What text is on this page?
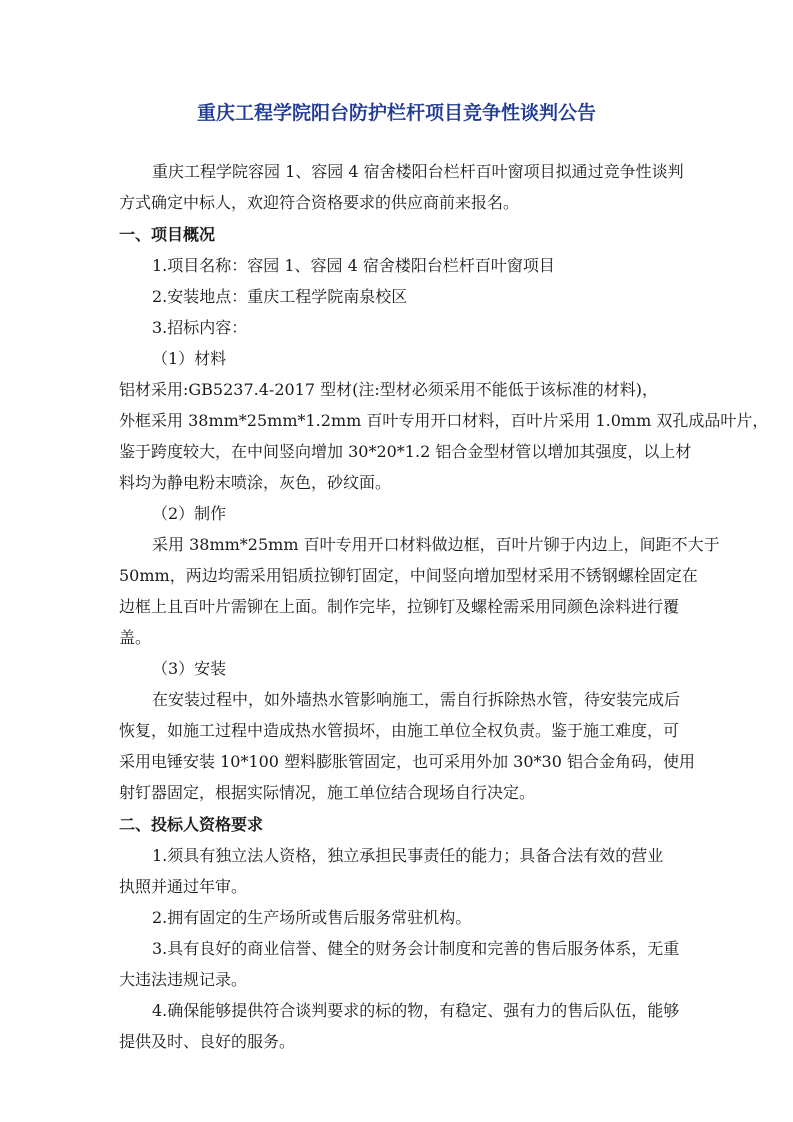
重庆工程学院阳台防护栏杆项目竞争性谈判公告
重庆工程学院容园 1、容园 4 宿舍楼阳台栏杆百叶窗项目拟通过竞争性谈判
方式确定中标人，欢迎符合资格要求的供应商前来报名。
一、项目概况
1.项目名称：容园 1、容园 4 宿舍楼阳台栏杆百叶窗项目
2.安装地点：重庆工程学院南泉校区
3.招标内容：
（1）材料
铝材采用:GB5237.4-2017 型材(注:型材必须采用不能低于该标准的材料)，
外框采用 38mm*25mm*1.2mm 百叶专用开口材料，百叶片采用 1.0mm 双孔成品叶片，
鉴于跨度较大，在中间竖向增加 30*20*1.2 铝合金型材管以增加其强度，以上材
料均为静电粉末喷涂，灰色，砂纹面。
（2）制作
采用 38mm*25mm 百叶专用开口材料做边框，百叶片铆于内边上，间距不大于
50mm，两边均需采用铝质拉铆钉固定，中间竖向增加型材采用不锈钢螺栓固定在
边框上且百叶片需铆在上面。制作完毕，拉铆钉及螺栓需采用同颜色涂料进行覆
盖。
（3）安装
在安装过程中，如外墙热水管影响施工，需自行拆除热水管，待安装完成后
恢复，如施工过程中造成热水管损坏，由施工单位全权负责。鉴于施工难度，可
采用电锤安装 10*100 塑料膨胀管固定，也可采用外加 30*30 铝合金角码，使用
射钉器固定，根据实际情况，施工单位结合现场自行决定。
二、投标人资格要求
1.须具有独立法人资格，独立承担民事责任的能力；具备合法有效的营业
执照并通过年审。
2.拥有固定的生产场所或售后服务常驻机构。
3.具有良好的商业信誉、健全的财务会计制度和完善的售后服务体系，无重
大违法违规记录。
4.确保能够提供符合谈判要求的标的物，有稳定、强有力的售后队伍，能够
提供及时、良好的服务。
